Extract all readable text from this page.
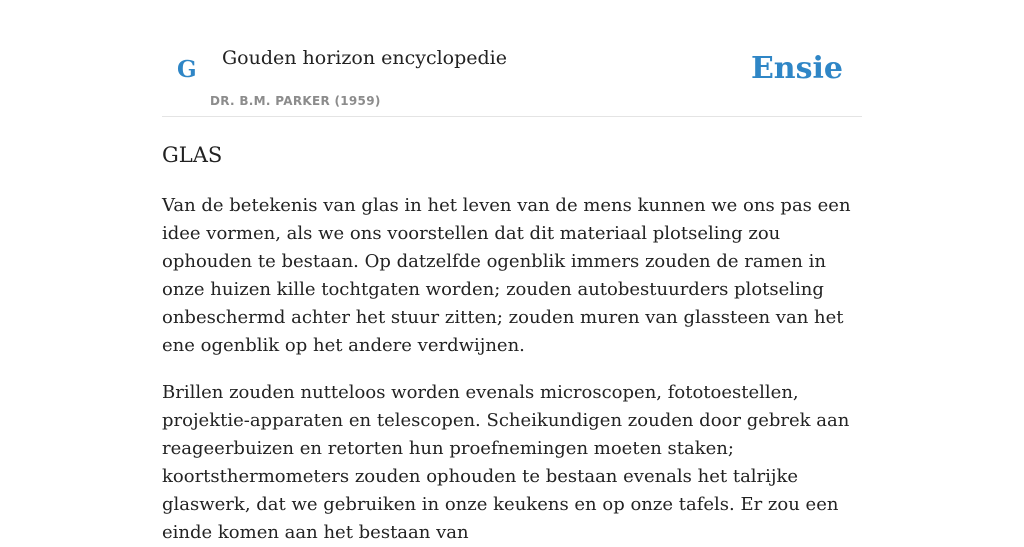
G Gouden horizon encyclopedie
DR. B.M. PARKER (1959)
Ensie
GLAS

Van de betekenis van glas in het leven van de mens kunnen we ons pas een idee vormen, als we ons voorstellen dat dit materiaal plotseling zou ophouden te bestaan. Op datzelfde ogenblik immers zouden de ramen in onze huizen kille tochtgaten worden; zouden autobestuurders plotseling onbeschermd achter het stuur zitten; zouden muren van glassteen van het ene ogenblik op het andere verdwijnen.

Brillen zouden nutteloos worden evenals microscopen, fototoestellen, projektie-apparaten en telescopen. Scheikundigen zouden door gebrek aan reageerbuizen en retorten hun proefnemingen moeten staken; koortsthermometers zouden ophouden te bestaan evenals het talrijke glaswerk, dat we gebruiken in onze keukens en op onze tafels. Er zou een einde komen aan het bestaan van
